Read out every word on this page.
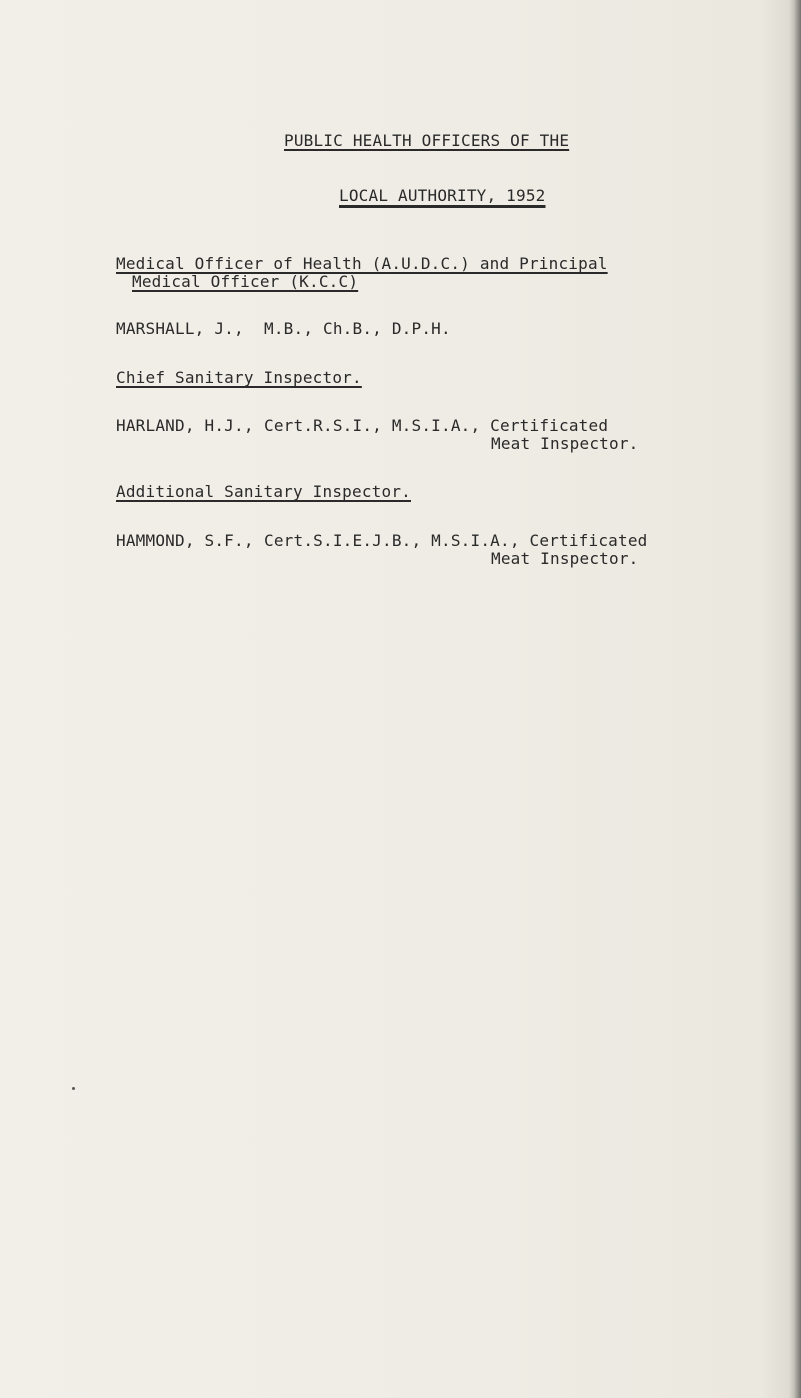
PUBLIC HEALTH OFFICERS OF THE
LOCAL AUTHORITY, 1952
Medical Officer of Health (A.U.D.C.) and Principal
Medical Officer (K.C.C)
MARSHALL, J., M.B., Ch.B., D.P.H.
Chief Sanitary Inspector.
HARLAND, H.J., Cert.R.S.I., M.S.I.A., Certificated
Meat Inspector.
Additional Sanitary Inspector.
HAMMOND, S.F., Cert.S.I.E.J.B., M.S.I.A., Certificated
Meat Inspector.
